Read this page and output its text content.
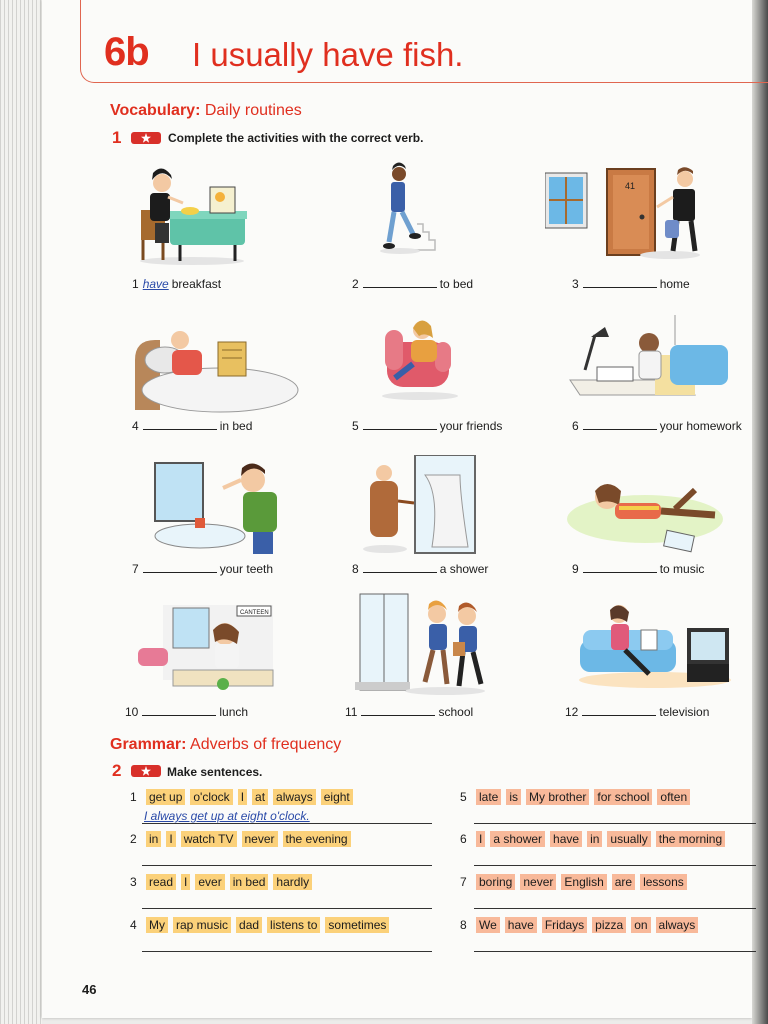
6b I usually have fish.
Vocabulary: Daily routines
1	Complete the activities with the correct verb.
41
1 have breakfast	2	to bed	3	home
4	in bed	5	your friends	6	your homework
7	your teeth	8	a shower	9	to music
CANTEEN
10	lunch	11	school	12	television
Grammar: Adverbs of frequency
2	Make sentences.
1 get up o'clock I at always eight
I always get up at eight o'clock.
2 in I watch TV never the evening
3 read I ever in bed hardly
4 My rap music dad listens to sometimes
5 late is My brother for school often
6 I a shower have in usually the morning
7 boring never English are lessons
8 We have Fridays pizza on always
46
